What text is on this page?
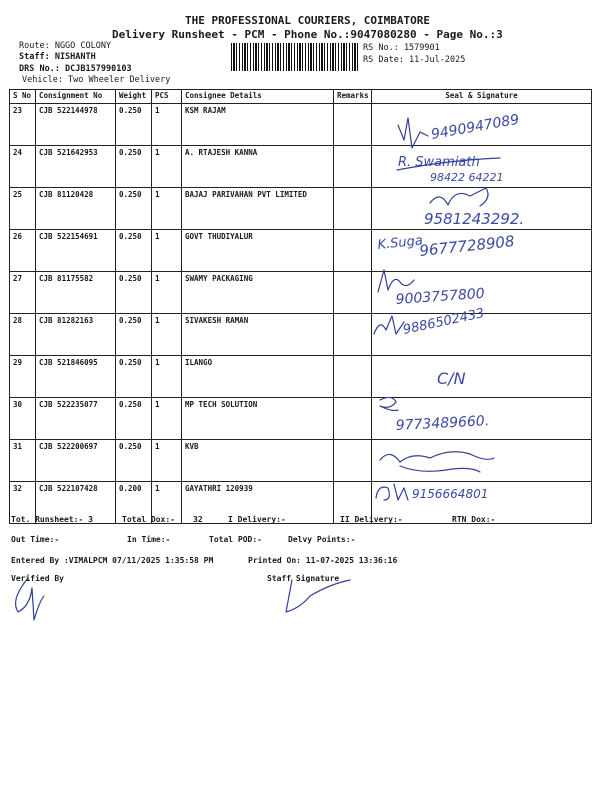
THE PROFESSIONAL COURIERS, COIMBATORE
Delivery Runsheet - PCM - Phone No.:9047080280 - Page No.:3
Route: NGGO COLONY
Staff: NISHANTH
DRS No.: DCJB157990103
Vehicle: Two Wheeler Delivery
RS No.: 1579901
RS Date: 11-Jul-2025
S No	Consignment No	Weight	PCS	Consignee Details	Remarks	Seal & Signature
23	CJB 522144978	0.250	1	KSM RAJAM		
24	CJB 521642953	0.250	1	A. RTAJESH KANNA		
25	CJB 81120428	0.250	1	BAJAJ PARIVAHAN PVT LIMITED		
26	CJB 522154691	0.250	1	GOVT THUDIYALUR		
27	CJB 81175582	0.250	1	SWAMY PACKAGING		
28	CJB 81282163	0.250	1	SIVAKESH RAMAN		
29	CJB 521846095	0.250	1	ILANGO		
30	CJB 522235077	0.250	1	MP TECH SOLUTION		
31	CJB 522200697	0.250	1	KVB		
32	CJB 522107428	0.200	1	GAYATHRI 120939		
9490947089
R. Swamiath
98422 64221
9581243292.
K.Suga
9677728908
9003757800
9886502433
C/N
9773489660.
9156664801
Tot. Runsheet:- 3	Total Dox:- 32	I Delivery:-	II Delivery:-	RTN Dox:-
Out Time:-	In Time:-	Total POD:-	Delvy Points:-
Entered By :VIMALPCM 07/11/2025 1:35:58 PM	Printed On: 11-07-2025 13:36:16
Verified By	Staff Signature
